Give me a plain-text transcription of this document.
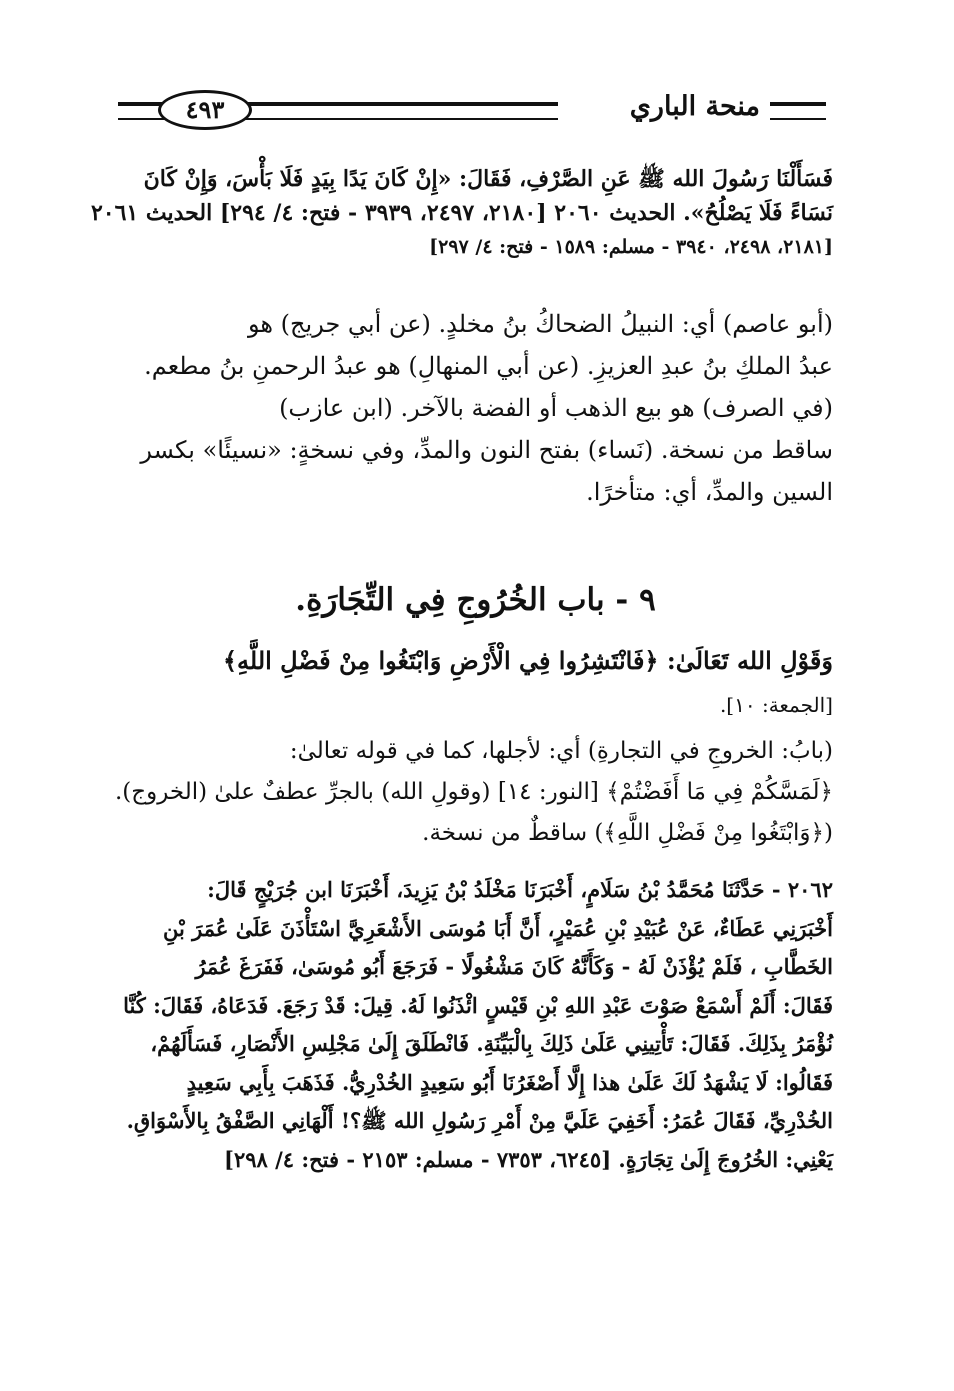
منحة الباري
٤٩٣
فَسَأَلْنَا رَسُولَ الله ﷺ عَنِ الصَّرْفِ، فَقَالَ: «إِنْ كَانَ يَدًا بِيَدٍ فَلَا بَأْسَ، وَإِنْ كَانَ
نَسَاءً فَلَا يَصْلُحُ». الحديث ٢٠٦٠ [٢١٨٠، ٢٤٩٧، ٣٩٣٩ - فتح: ٤/ ٢٩٤] الحديث ٢٠٦١
[٢١٨١، ٢٤٩٨، ٣٩٤٠ - مسلم: ١٥٨٩ - فتح: ٤/ ٢٩٧]
(أبو عاصم) أي: النبيلُ الضحاكُ بنُ مخلدٍ. (عن أبي جريج) هو
عبدُ الملكِ بنُ عبدِ العزيزِ. (عن أبي المنهالِ) هو عبدُ الرحمنِ بنُ مطعم.
(في الصرف) هو بيع الذهب أو الفضة بالآخر. (ابن عازب)
ساقط من نسخة. (نَساء) بفتح النون والمدِّ، وفي نسخةٍ: «نسيئًا» بكسر
السين والمدِّ، أي: متأخرًا.
٩ - باب الخُرُوجِ فِي التِّجَارَةِ.
وَقَوْلِ الله تَعَالَىٰ: ﴿فَانْتَشِرُوا فِي الْأَرْضِ وَابْتَغُوا مِنْ فَضْلِ اللَّهِ﴾
[الجمعة: ١٠].
(بابُ: الخروجِ في التجارةِ) أي: لأجلها، كما في قوله تعالىٰ:
﴿لَمَسَّكُمْ فِي مَا أَفَضْتُمْ﴾ [النور: ١٤] (وقولِ الله) بالجرِّ عطفٌ علىٰ (الخروج).
(﴿وَابْتَغُوا مِنْ فَضْلِ اللَّهِ﴾) ساقطٌ من نسخة.
٢٠٦٢ - حَدَّثَنَا مُحَمَّدُ بْنُ سَلَامٍ، أَخْبَرَنَا مَخْلَدُ بْنُ يَزِيدَ، أَخْبَرَنَا ابن جُرَيْجٍ قَالَ:
أَخْبَرَنِي عَطَاءٌ، عَنْ عُبَيْدِ بْنِ عُمَيْرٍ، أَنَّ أَبَا مُوسَى الأَشْعَرِيَّ اسْتَأْذَنَ عَلَىٰ عُمَرَ بْنِ
الخَطَّابِ ، فَلَمْ يُؤْذَنْ لَهُ - وَكَأَنَّهُ كَانَ مَشْغُولًا - فَرَجَعَ أَبُو مُوسَىٰ، فَفَرَغَ عُمَرُ
فَقَالَ: أَلَمْ أَسْمَعْ صَوْتَ عَبْدِ اللهِ بْنِ قَيْسٍ ائْذَنُوا لَهُ. قِيلَ: قَدْ رَجَعَ. فَدَعَاهُ، فَقَالَ: كُنَّا
نُؤْمَرُ بِذَلِكَ. فَقَالَ: تَأْتِينِي عَلَىٰ ذَلِكَ بِالْبَيِّنَةِ. فَانْطَلَقَ إِلَىٰ مَجْلِسِ الأَنْصَارِ، فَسَأَلَهُمْ،
فَقَالُوا: لَا يَشْهَدُ لَكَ عَلَىٰ هذا إِلَّا أَصْغَرُنَا أَبُو سَعِيدٍ الخُدْرِيُّ. فَذَهَبَ بِأَبِي سَعِيدٍ
الخُدْرِيِّ، فَقَالَ عُمَرُ: أَخَفِيَ عَلَيَّ مِنْ أَمْرِ رَسُولِ الله ﷺ؟! أَلْهَانِي الصَّفْقُ بِالأَسْوَاقِ.
يَعْنِي: الخُرُوجَ إِلَىٰ تِجَارَةٍ. [٦٢٤٥، ٧٣٥٣ - مسلم: ٢١٥٣ - فتح: ٤/ ٢٩٨]
